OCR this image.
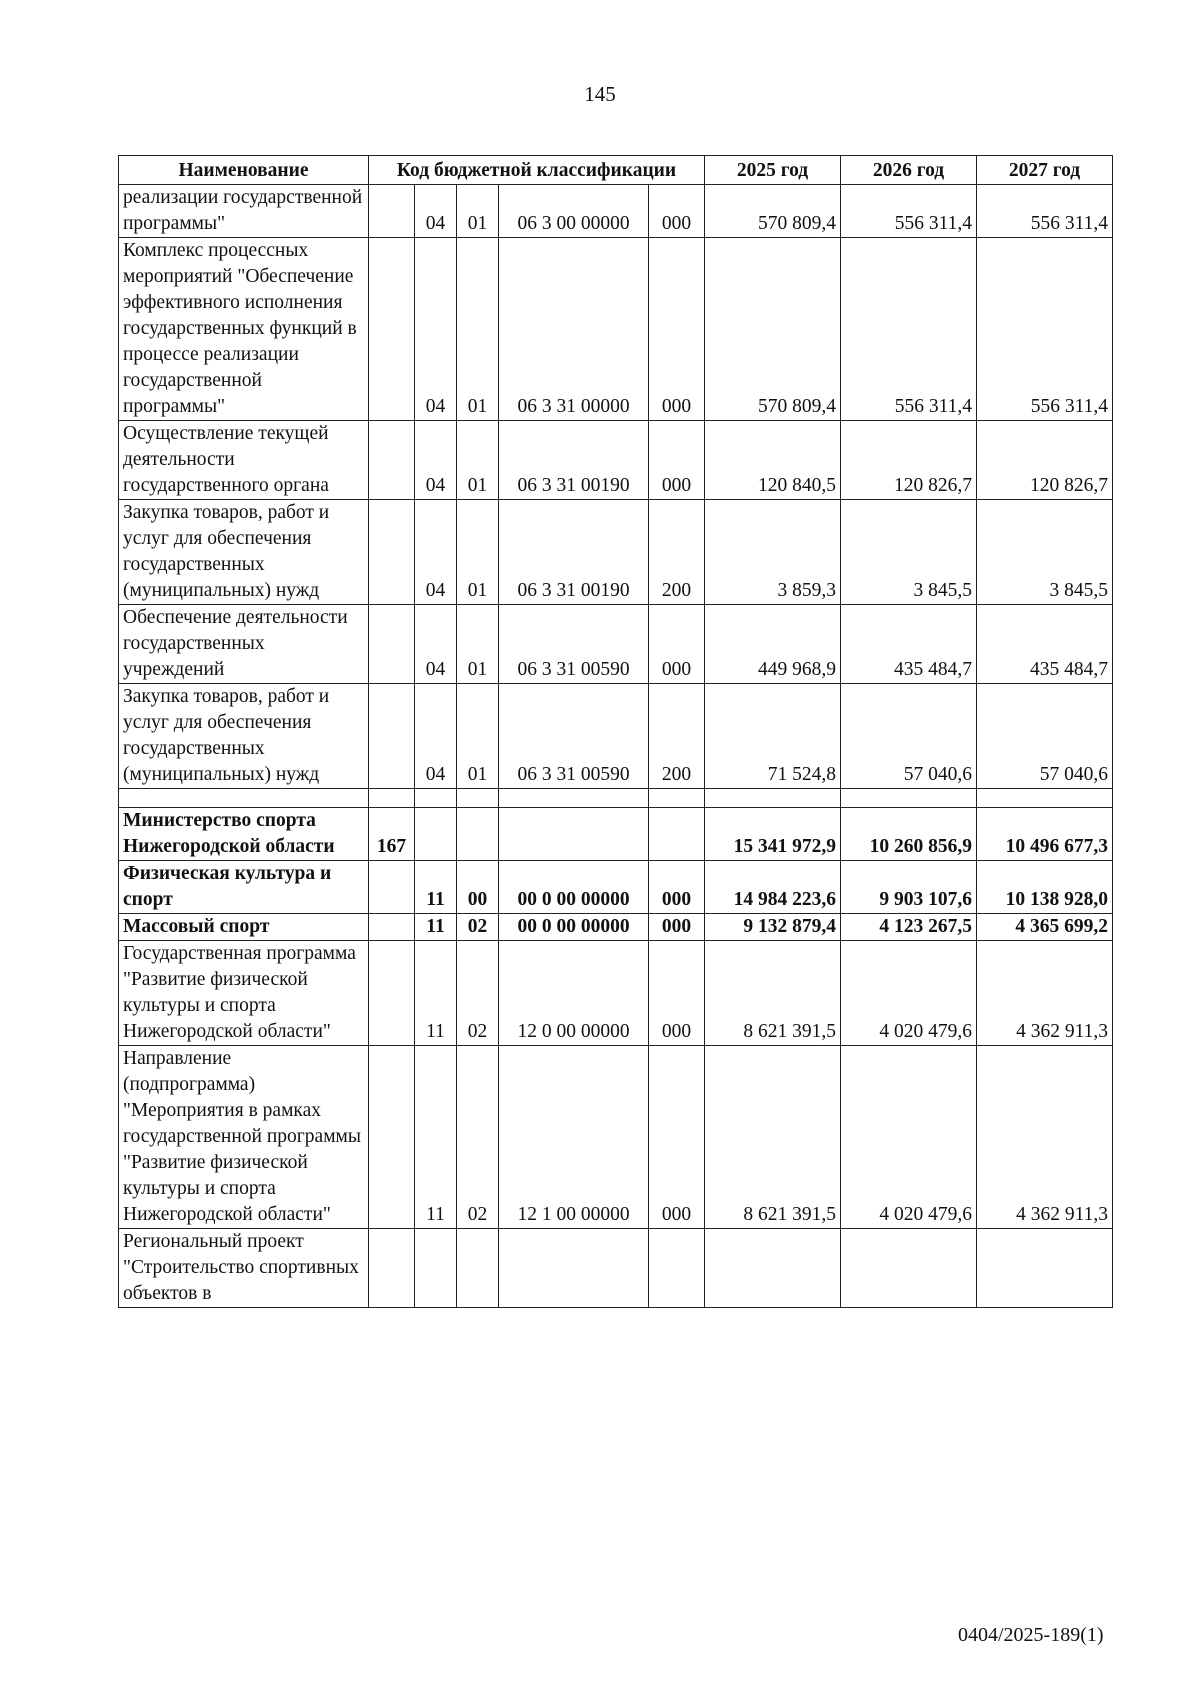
145
Наименование	Код бюджетной классификации					2025 год	2026 год	2027 год
реализации государственной программы"		04	01	06 3 00 00000	000	570 809,4	556 311,4	556 311,4
Комплекс процессных мероприятий "Обеспечение эффективного исполнения государственных функций в процессе реализации государственной программы"		04	01	06 3 31 00000	000	570 809,4	556 311,4	556 311,4
Осуществление текущей деятельности государственного органа		04	01	06 3 31 00190	000	120 840,5	120 826,7	120 826,7
Закупка товаров, работ и услуг для обеспечения государственных (муниципальных) нужд		04	01	06 3 31 00190	200	3 859,3	3 845,5	3 845,5
Обеспечение деятельности государственных учреждений		04	01	06 3 31 00590	000	449 968,9	435 484,7	435 484,7
Закупка товаров, работ и услуг для обеспечения государственных (муниципальных) нужд		04	01	06 3 31 00590	200	71 524,8	57 040,6	57 040,6

Министерство спорта Нижегородской области	167					15 341 972,9	10 260 856,9	10 496 677,3
Физическая культура и спорт		11	00	00 0 00 00000	000	14 984 223,6	9 903 107,6	10 138 928,0
Массовый спорт		11	02	00 0 00 00000	000	9 132 879,4	4 123 267,5	4 365 699,2
Государственная программа "Развитие физической культуры и спорта Нижегородской области"		11	02	12 0 00 00000	000	8 621 391,5	4 020 479,6	4 362 911,3
Направление (подпрограмма) "Мероприятия в рамках государственной программы "Развитие физической культуры и спорта Нижегородской области"		11	02	12 1 00 00000	000	8 621 391,5	4 020 479,6	4 362 911,3
Региональный проект "Строительство спортивных объектов в								
0404/2025-189(1)
